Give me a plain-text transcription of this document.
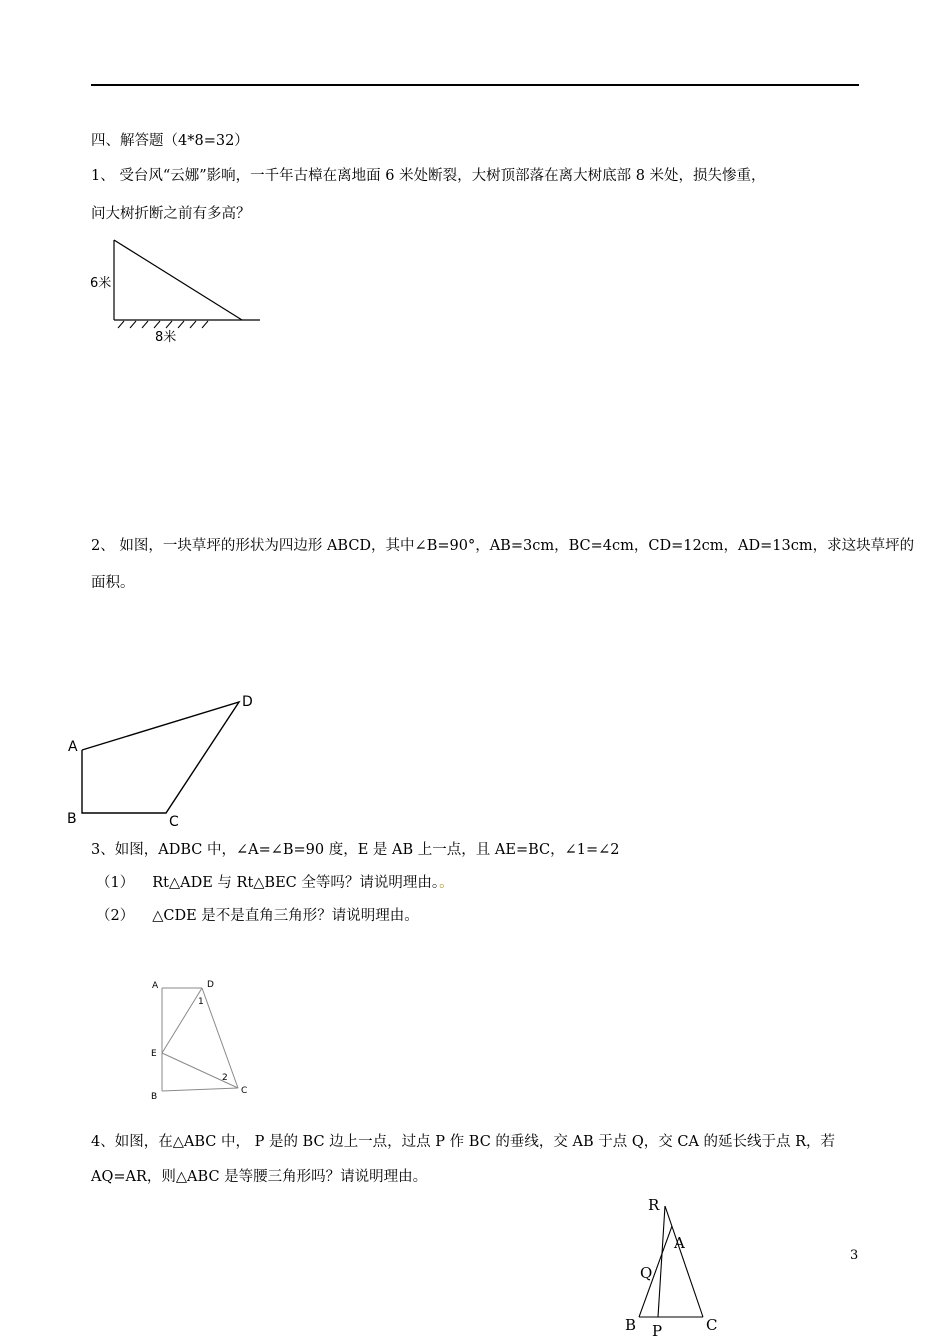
四、解答题（4*8=32）
1、 受台风“云娜”影响，一千年古樟在离地面 6 米处断裂，大树顶部落在离大树底部 8 米处，损失惨重，
问大树折断之前有多高？
6米
8米
2、 如图，一块草坪的形状为四边形 ABCD，其中∠B=90°，AB=3cm，BC=4cm，CD=12cm，AD=13cm，求这块草坪的
面积。
A
B	C
D
3、如图，ADBC 中，∠A=∠B=90 度，E 是 AB 上一点，且 AE=BC，∠1=∠2
（1） Rt△ADE 与 Rt△BEC 全等吗？请说明理由。。
（2） △CDE 是不是直角三角形？请说明理由。
A	D
1
E
2
C
B
4、如图，在△ABC 中， P 是的 BC 边上一点，过点 P 作 BC 的垂线，交 AB 于点 Q，交 CA 的延长线于点 R，若
AQ=AR，则△ABC 是等腰三角形吗？请说明理由。
R
A
Q
B P	C
3
